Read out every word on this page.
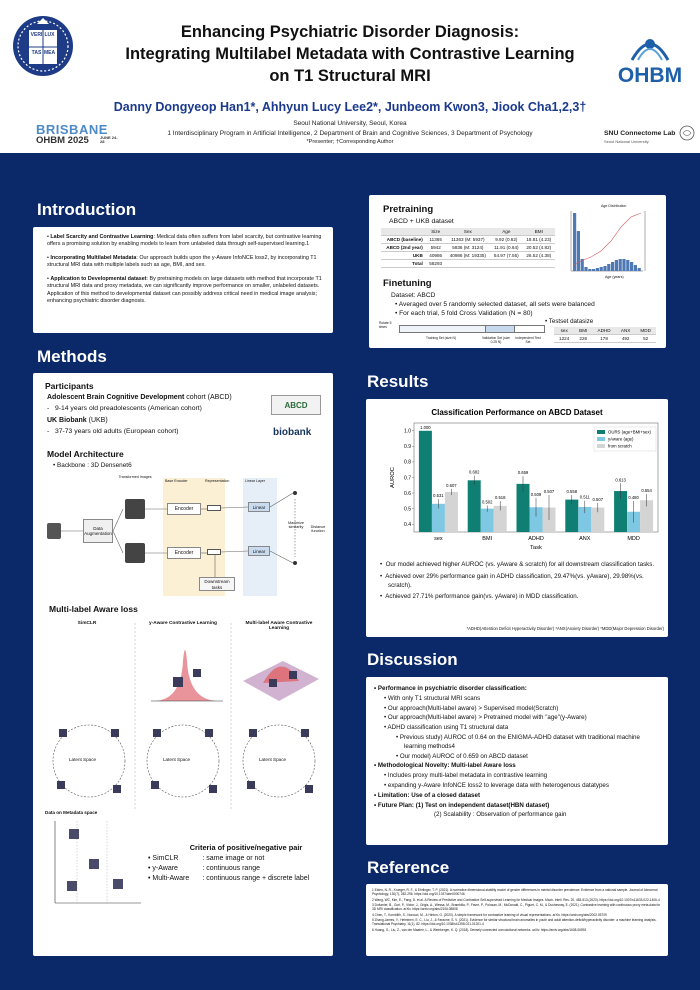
VERI LUX
TAS MEA
OHBM
Enhancing Psychiatric Disorder Diagnosis:
Integrating Multilabel Metadata with Contrastive Learning
on T1 Structural MRI
Danny Dongyeop Han1*, Ahhyun Lucy Lee2*, Junbeom Kwon3, Jiook Cha1,2,3†
Seoul National University, Seoul, Korea
1 Interdisciplinary Program in Artificial Intelligence, 2 Department of Brain and Cognitive Sciences, 3 Department of Psychology
*Presenter; †Corresponding Author
BRISBANE
OHBM 2025	JUNE 24-28
SNU Connectome Lab
Seoul National University
Introduction
• Label Scarcity and Contrastive Learning: Medical data often suffers from label scarcity, but contrastive learning offers a promising solution by enabling models to learn from unlabeled data through self-supervised learning.1
• Incorporating Multilabel Metadata: Our approach builds upon the y-Aware InfoNCE loss2, by incorporating T1 structural MRI data with multiple labels such as age, BMI, and sex.
• Application to Developmental dataset: By pretraining models on large datasets with method that incorporate T1 structural MRI data and proxy metadata, we can significantly improve performance on smaller, unlabeled datasets. Application of this method to developmental dataset can possibly address critical need in medical image analysis; enhancing psychiatric disorder diagnosis.
Pretraining
ABCD + UKB dataset
	Size	Sex	Age	BMI
ABCD (baseline)	11365	11363 (M: 5937)	9.92 (0.62)	18.81 (4.23)
ABCD (2nd year)	5942	5836 (M: 3124)	11.91 (0.64)	20.52 (4.82)
UKB	40986	40986 (M: 19335)	54.97 (7.55)	26.52 (4.38)
Total	58293			
Age Distribution
Age (years)
Finetuning
Dataset: ABCD
• Averaged over 5 randomly selected dataset, all sets were balanced
• For each trial, 5 fold Cross Validation (N = 80)
• Testset datasize
sex	BMI	ADHD	ANX	MDD
1224	226	178	492	52
Rotate 5 times
Training Set (size N)	Validation Set (size 0.25 N)
Independent Test Set
Methods
Participants
Adolescent Brain Cognitive Development cohort (ABCD)
-   9-14 years old preadolescents (American cohort)
UK Biobank (UKB)
-   37-73 years old adults (European cohort)
ABCD
biobank
Model Architecture
• Backbone : 3D Densenet6
Data Augmentation
Transformed Images
Base Encoder
Encoder
Encoder
Representation	Linear Layer
Linear
Linear
Maximize similarity	Distance function
Downstream tasks
Multi-label Aware loss
SimCLR	y-Aware Contrastive Learning	Multi-label Aware Contrastive Learning
Latent Space	Latent Space	Latent Space
Data on Metadata space
Criteria of positive/negative pair
• SimCLR	: same image or not
• y-Aware	: continuous range
• Multi-Aware : continuous range + discrete label
Results
Classification Performance on ABCD Dataset
0.4
0.5
0.6
0.7
0.8
0.9
1.0
AUROC
Task
sex
1.000
0.531
0.607
BMI
0.682
0.502
0.518
ADHD
0.659
0.509
0.507
ANX
0.558
0.511 0.507
MDD
0.613
0.480
0.554
OURS (age+BMI+sex)
yAware (age)
from scratch
•  Our model achieved higher AUROC (vs. yAware & scratch) for all downstream classification tasks.
•  Achieved over 29% performance gain in ADHD classification, 29.47%(vs. yAware), 29.98%(vs. scratch).
•  Achieved 27.71% performance gain(vs. yAware) in MDD classification.
*ADHD(Attention Deficit Hyperactivity Disorder) *ANX(Anxiety Disorder) *MDD(Major Depression Disorder)
Discussion
• Performance in psychiatric disorder classification:
• With only T1 structural MRI scans
• Our approach(Multi-label aware) > Supervised model(Scratch)
• Our approach(Multi-label aware) > Pretrained model with "age"(y-Aware)
• ADHD classification using T1 structural data
• Previous study) AUROC of 0.64 on the ENIGMA-ADHD dataset with traditional machine learning methods4
• Our model) AUROC of 0.659 on ABCD dataset
• Methodological Novelty: Multi-label Aware loss
• Includes proxy multi-label metadata in contrastive learning
• expanding y-Aware InfoNCE loss2 to leverage data with heterogenous datatypes
• Limitation: Use of a closed dataset
• Future Plan: (1) Test on independent dataset(HBN dataset)
(2) Scalability : Observation of performance gain
Reference
1 Eiden, N. R., Krueger, R. F., & Ehrlinger, T. P. (2021). A normative dimensional-stability model of gender differences in mental disorder prevalence: Evidence from a national sample. Journal of Abnormal Psychology, 130(7), 282-296. https://doi.org/10.1037/abn0000746
2 Wang, WC, Kim, E., Fang, D. et al. A Review of Predictive and Contrastive Self-supervised Learning for Medical Images. Mach. Intell. Res. 20, 483-513 (2023). https://doi.org/10.1007/s11633-022-1406-4
3 Dufumier, B., Gori, P., Victor, J., Grigis, A., Wessa, M., Brambilla, P., Favre, P., Polosan, M., McDonald, C., Piguet, C. M., & Duchesnay, E. (2021). Contrastive learning with continuous proxy meta-data for 3D MRI classification. arXiv. https://arxiv.org/abs/2106.08808
4 Chen, T., Kornblith, S., Norouzi, M., & Hinton, G. (2020). A simple framework for contrastive learning of visual representations. arXiv. https://arxiv.org/abs/2002.05709
5 Zhang-James, Y., Helminen, E. C., Liu, J., & Faraone, S. V. (2021). Evidence for similar structural brain anomalies in youth and adult attention-deficit/hyperactivity disorder: a machine learning analysis. Translational Psychiatry, 11(1), 82. https://doi.org/10.1038/s41398-021-01201-4
6 Huang, G., Liu, Z., van der Maaten, L., & Weinberger, K. Q. (2018). Densely connected convolutional networks. arXiv. https://arxiv.org/abs/1608.06993
